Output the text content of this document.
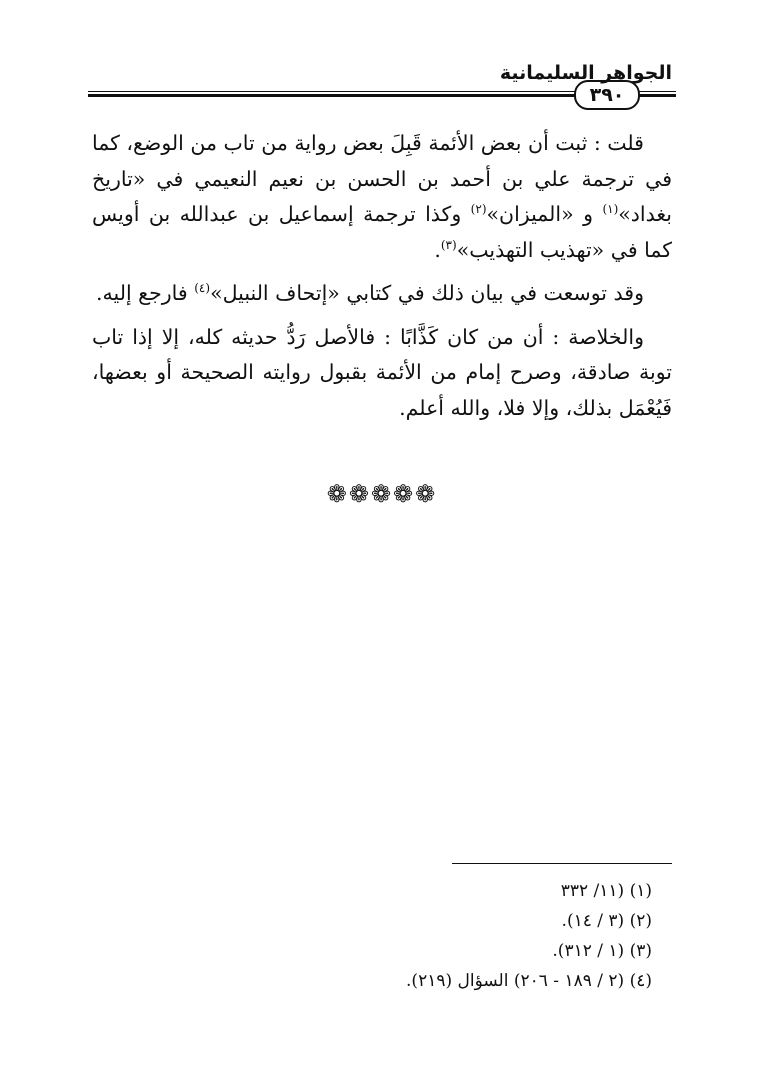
٣٩٠
الجواهر السليمانية

قلت : ثبت أن بعض الأئمة قَبِلَ بعض رواية من تاب من الوضع، كما في ترجمة علي بن أحمد بن الحسن بن نعيم النعيمي في «تاريخ بغداد»$^{(١)}$ و «الميزان»$^{(٢)}$ وكذا ترجمة إسماعيل بن عبدالله بن أويس كما في «تهذيب التهذيب»$^{(٣)}$.

وقد توسعت في بيان ذلك في كتابي «إتحاف النبيل»$^{(٤)}$ فارجع إليه.

والخلاصة : أن من كان كَذَّابًا : فالأصل رَدُّ حديثه كله، إلا إذا تاب توبة صادقة، وصرح إمام من الأئمة بقبول روايته الصحيحة أو بعضها، فَيُعْمَل بذلك، وإلا فلا، والله أعلم.

❁❁❁❁❁
(١) (١١/ ٣٣٢
(٢) (٣ / ١٤).
(٣) (١ / ٣١٢).
(٤) (٢ / ١٨٩ - ٢٠٦) السؤال (٢١٩).
